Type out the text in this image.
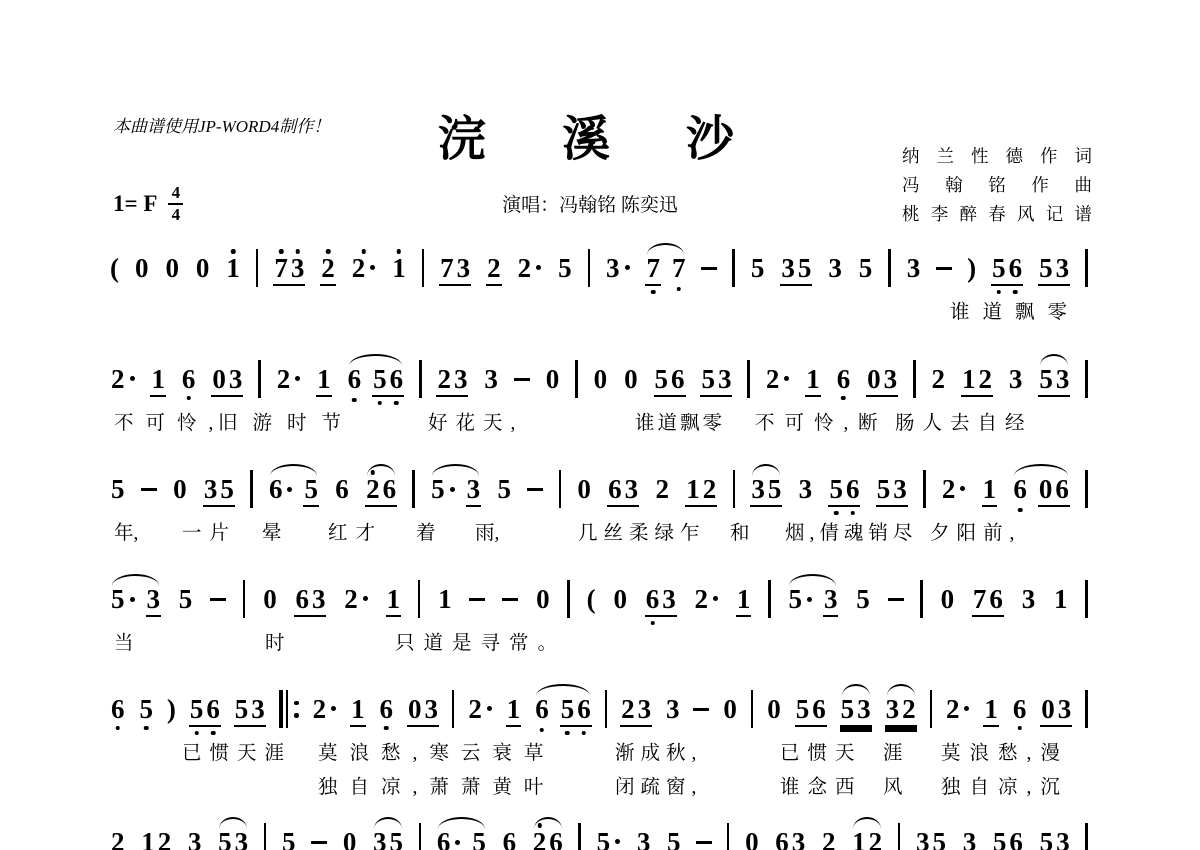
本曲谱使用JP-WORD4制作！ 浣溪沙
演唱：冯翰铭 陈奕迅
1= F $\frac{4}{4}$
纳 兰 性 德 作 词
冯 翰 铭 作 曲
桃 李 醉 春 风 记 谱
( 0 0 0 1 7 3 2 2 1 7 3 2 2 5 3 7 7 5 3 5 3 5 3 ) 5 6 5 3
2 1 6 0 3 2 1 6 5 6 2 3 3 0 0 0 5 6 5 3 2 1 6 0 3 2 1 2 3 5 3
5 0 3 5 6 5 6 2 6 5 3 5 0 6 3 2 1 2 3 5 3 5 6 5 3 2 1 6 0 6
5 3 5	0 6 3 2 1 1	0 ( 0 6 3 2 1 5 3 5	0 7 6 3 1
6 5 ) 5 6 5 3 2 1 6 0 3 2 1 6 5 6 2 3 3 0 0 5 6 5 3 3 2 2 1 6 0 3
2 1 2 3 5 3 5 0 3 5 6 5 6 2 6 5 3 5 0 6 3 2 1 2 3 5 3 5 6 5 3
谁道飘零
不可怜,
旧游时节	好花天,	谁道飘零 不可怜, 断 肠人去自经
年, 一片 晕 红才 着 雨,	几丝柔绿乍 和 烟,倩魂销尽 夕阳前,
当	时	只道是寻常。
已惯天涯 莫浪愁,寒云衰草	渐成秋,	已惯天 涯 莫浪愁,漫
独自凉,萧萧黄叶	闭疏窗,	谁念西 风 独自凉,沉
